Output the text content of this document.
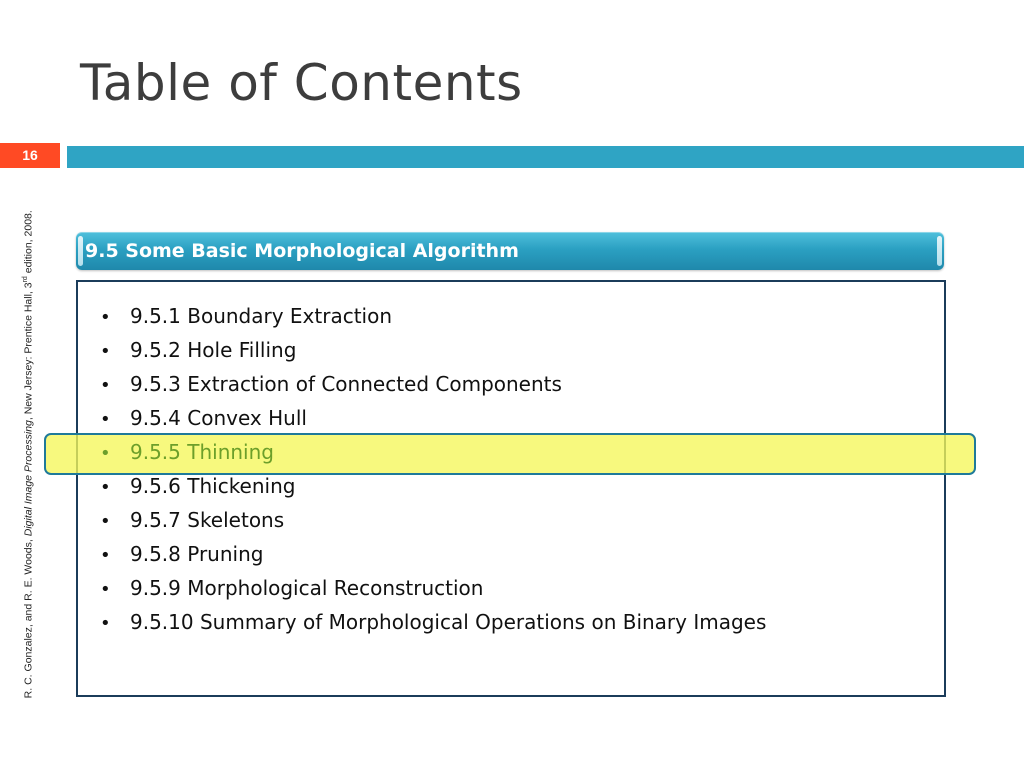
Table of Contents
16
R. C. Gonzalez, and R. E. Woods, Digital Image Processing, New Jersey: Prentice Hall, 3rd edition, 2008.	9.5 Some Basic Morphological Algorithm
• 9.5.1 Boundary Extraction
• 9.5.2 Hole Filling
• 9.5.3 Extraction of Connected Components
• 9.5.4 Convex Hull
• 9.5.5 Thinning
• 9.5.6 Thickening
• 9.5.7 Skeletons
• 9.5.8 Pruning
• 9.5.9 Morphological Reconstruction
• 9.5.10 Summary of Morphological Operations on Binary Images
